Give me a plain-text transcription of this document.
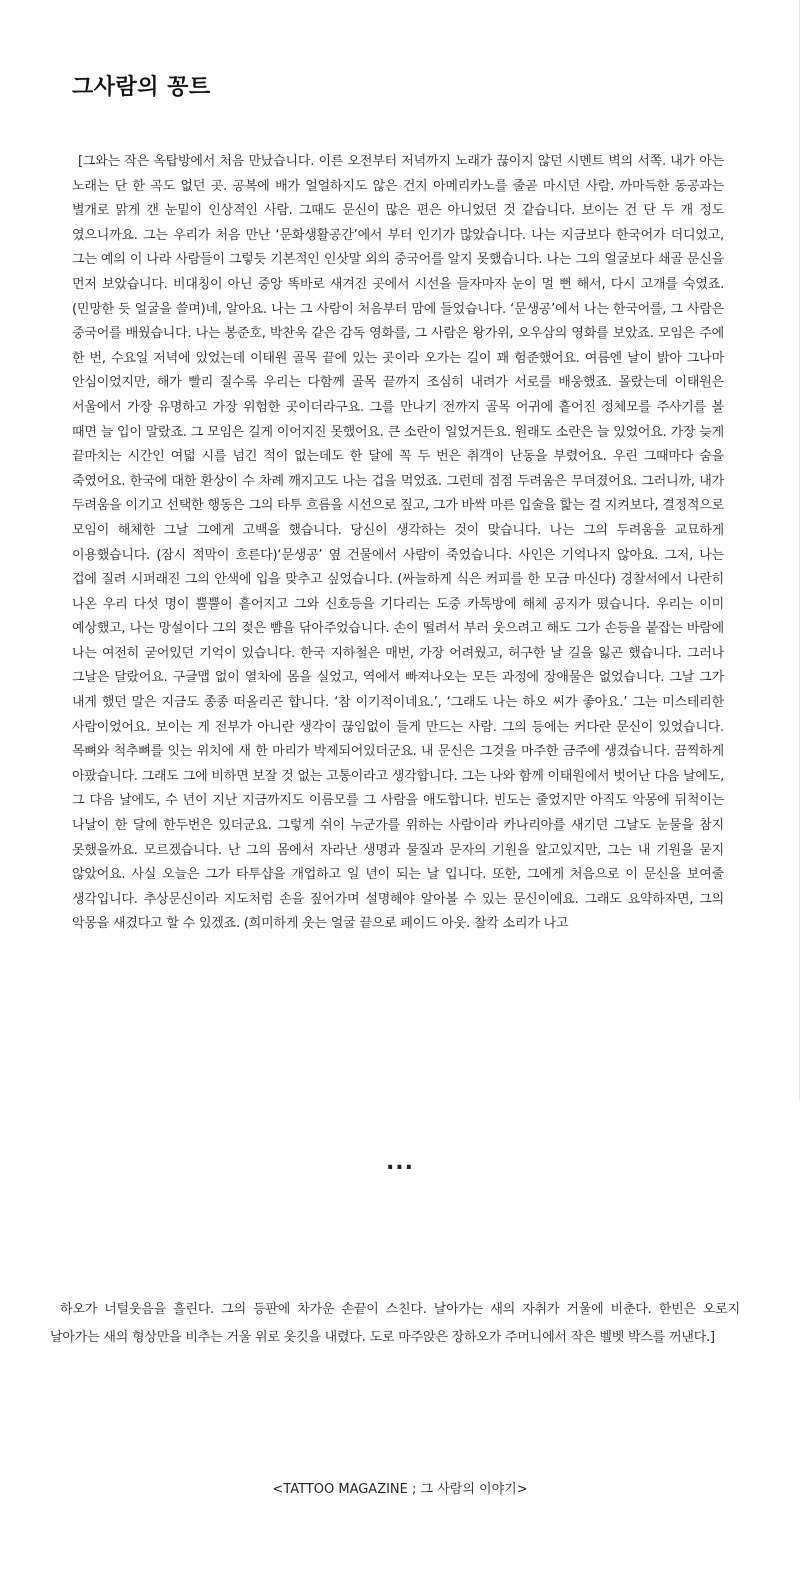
그사람의 꽁트

[그와는 작은 옥탑방에서 처음 만났습니다. 이른 오전부터 저녁까지 노래가 끊이지 않던 시멘트 벽의 서쪽. 내가 아는 노래는 단 한 곡도 없던 곳. 공복에 배가 얼얼하지도 않은 건지 아메리카노를 줄곧 마시던 사람. 까마득한 동공과는 별개로 맑게 갠 눈밑이 인상적인 사람. 그때도 문신이 많은 편은 아니었던 것 같습니다. 보이는 건 단 두 개 정도 였으니까요. 그는 우리가 처음 만난 ‘문화생활공간’에서 부터 인기가 많았습니다. 나는 지금보다 한국어가 더디었고, 그는 예의 이 나라 사람들이 그렇듯 기본적인 인삿말 외의 중국어를 알지 못했습니다. 나는 그의 얼굴보다 쇄골 문신을 먼저 보았습니다. 비대칭이 아닌 중앙 똑바로 새겨진 곳에서 시선을 들자마자 눈이 멀 뻔 해서, 다시 고개를 숙였죠. (민망한 듯 얼굴을 쓸며)네, 알아요. 나는 그 사람이 처음부터 맘에 들었습니다. ‘문생공’에서 나는 한국어를, 그 사람은 중국어를 배웠습니다. 나는 봉준호, 박찬욱 같은 감독 영화를, 그 사람은 왕가위, 오우삼의 영화를 보았죠. 모임은 주에 한 번, 수요일 저녁에 있었는데 이태원 골목 끝에 있는 곳이라 오가는 길이 꽤 험준했어요. 여름엔 날이 밝아 그나마 안심이었지만, 해가 빨리 질수록 우리는 다함께 골목 끝까지 조심히 내려가 서로를 배웅했죠. 몰랐는데 이태원은 서울에서 가장 유명하고 가장 위험한 곳이더라구요. 그를 만나기 전까지 골목 어귀에 흩어진 정체모를 주사기를 볼 때면 늘 입이 말랐죠. 그 모임은 길게 이어지진 못했어요. 큰 소란이 일었거든요. 원래도 소란은 늘 있었어요. 가장 늦게 끝마치는 시간인 여덟 시를 넘긴 적이 없는데도 한 달에 꼭 두 번은 취객이 난동을 부렸어요. 우린 그때마다 숨을 죽였어요. 한국에 대한 환상이 수 차례 깨지고도 나는 겁을 먹었죠. 그런데 점점 두려움은 무뎌졌어요. 그러니까, 내가 두려움을 이기고 선택한 행동은 그의 타투 흐름을 시선으로 짚고, 그가 바싹 마른 입술을 핥는 걸 지켜보다, 결정적으로 모임이 해체한 그날 그에게 고백을 했습니다. 당신이 생각하는 것이 맞습니다. 나는 그의 두려움을 교묘하게 이용했습니다. (잠시 적막이 흐른다)‘문생공’ 옆 건물에서 사람이 죽었습니다. 사인은 기억나지 않아요. 그저, 나는 겁에 질려 시퍼래진 그의 안색에 입을 맞추고 싶었습니다. (싸늘하게 식은 커피를 한 모금 마신다) 경찰서에서 나란히 나온 우리 다섯 명이 뿔뿔이 흩어지고 그와 신호등을 기다리는 도중 카톡방에 해체 공지가 떴습니다. 우리는 이미 예상했고, 나는 망설이다 그의 젖은 뺨을 닦아주었습니다. 손이 떨려서 부러 웃으려고 해도 그가 손등을 붙잡는 바람에 나는 여전히 굳어있던 기억이 있습니다. 한국 지하철은 매번, 가장 어려웠고, 허구한 날 길을 잃곤 했습니다. 그러나 그날은 달랐어요. 구글맵 없이 열차에 몸을 실었고, 역에서 빠져나오는 모든 과정에 장애물은 없었습니다. 그날 그가 내게 했던 말은 지금도 종종 떠올리곤 합니다. ‘참 이기적이네요.’, ‘그래도 나는 하오 씨가 좋아요.’ 그는 미스테리한 사람이었어요. 보이는 게 전부가 아니란 생각이 끊임없이 들게 만드는 사람. 그의 등에는 커다란 문신이 있었습니다. 목뼈와 척추뼈를 잇는 위치에 새 한 마리가 박제되어있더군요. 내 문신은 그것을 마주한 금주에 생겼습니다. 끔찍하게 아팠습니다. 그래도 그에 비하면 보잘 것 없는 고통이라고 생각합니다. 그는 나와 함께 이태원에서 벗어난 다음 날에도, 그 다음 날에도, 수 년이 지난 지금까지도 이름모를 그 사람을 애도합니다. 빈도는 줄었지만 아직도 악몽에 뒤척이는 나날이 한 달에 한두번은 있더군요. 그렇게 쉬이 누군가를 위하는 사람이라 카나리아를 새기던 그날도 눈물을 참지 못했을까요. 모르겠습니다. 난 그의 몸에서 자라난 생명과 물질과 문자의 기원을 알고있지만, 그는 내 기원을 묻지 않았어요. 사실 오늘은 그가 타투샵을 개업하고 일 년이 되는 날 입니다. 또한, 그에게 처음으로 이 문신을 보여줄 생각입니다. 추상문신이라 지도처럼 손을 짚어가며 설명해야 알아볼 수 있는 문신이에요. 그래도 요약하자면, 그의 악몽을 새겼다고 할 수 있겠죠. (희미하게 웃는 얼굴 끝으로 페이드 아웃. 찰칵 소리가 나고

...

하오가 너털웃음을 흘린다. 그의 등판에 차가운 손끝이 스친다. 날아가는 새의 자취가 거울에 비춘다. 한빈은 오로지 날아가는 새의 형상만을 비추는 거울 위로 옷깃을 내렸다. 도로 마주앉은 장하오가 주머니에서 작은 벨벳 박스를 꺼낸다.]

<TATTOO MAGAZINE ; 그 사람의 이야기>
